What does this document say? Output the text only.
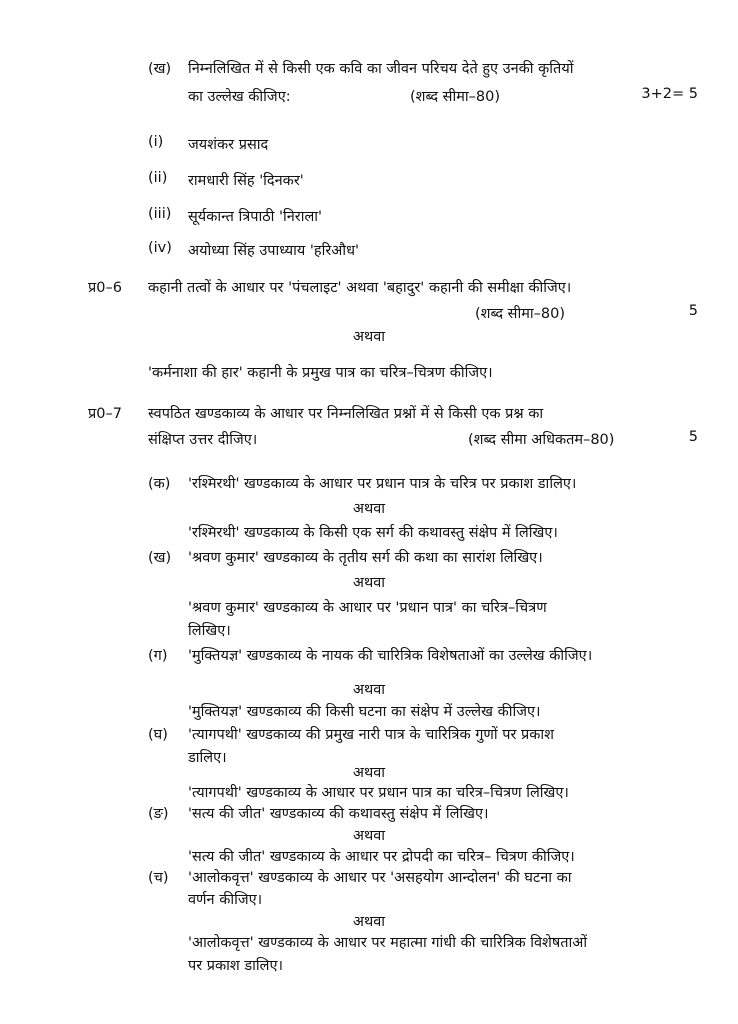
(ख) निम्नलिखित में से किसी एक कवि का जीवन परिचय देते हुए उनकी कृतियों
का उल्लेख कीजिए:	(शब्द सीमा–80)	3+2= 5
(i) जयशंकर प्रसाद
(ii) रामधारी सिंह 'दिनकर'
(iii) सूर्यकान्त त्रिपाठी 'निराला'
(iv) अयोध्या सिंह उपाध्याय 'हरिऔध'
प्र0–6 कहानी तत्वों के आधार पर 'पंचलाइट' अथवा 'बहादुर' कहानी की समीक्षा कीजिए।
(शब्द सीमा–80)	5
अथवा
'कर्मनाशा की हार' कहानी के प्रमुख पात्र का चरित्र–चित्रण कीजिए।
प्र0–7 स्वपठित खण्डकाव्य के आधार पर निम्नलिखित प्रश्नों में से किसी एक प्रश्न का
संक्षिप्त उत्तर दीजिए।	(शब्द सीमा अधिकतम–80)	5
(क) 'रश्मिरथी' खण्डकाव्य के आधार पर प्रधान पात्र के चरित्र पर प्रकाश डालिए।
अथवा
'रश्मिरथी' खण्डकाव्य के किसी एक सर्ग की कथावस्तु संक्षेप में लिखिए।
(ख) 'श्रवण कुमार' खण्डकाव्य के तृतीय सर्ग की कथा का सारांश लिखिए।
अथवा
'श्रवण कुमार' खण्डकाव्य के आधार पर 'प्रधान पात्र' का चरित्र–चित्रण
लिखिए।
(ग) 'मुक्तियज्ञ' खण्डकाव्य के नायक की चारित्रिक विशेषताओं का उल्लेख कीजिए।
अथवा
'मुक्तियज्ञ' खण्डकाव्य की किसी घटना का संक्षेप में उल्लेख कीजिए।
(घ) 'त्यागपथी' खण्डकाव्य की प्रमुख नारी पात्र के चारित्रिक गुणों पर प्रकाश
डालिए।
अथवा
'त्यागपथी' खण्डकाव्य के आधार पर प्रधान पात्र का चरित्र–चित्रण लिखिए।
(ङ) 'सत्य की जीत' खण्डकाव्य की कथावस्तु संक्षेप में लिखिए।
अथवा
'सत्य की जीत' खण्डकाव्य के आधार पर द्रोपदी का चरित्र– चित्रण कीजिए।
(च) 'आलोकवृत्त' खण्डकाव्य के आधार पर 'असहयोग आन्दोलन' की घटना का
वर्णन कीजिए।
अथवा
'आलोकवृत्त' खण्डकाव्य के आधार पर महात्मा गांधी की चारित्रिक विशेषताओं
पर प्रकाश डालिए।
